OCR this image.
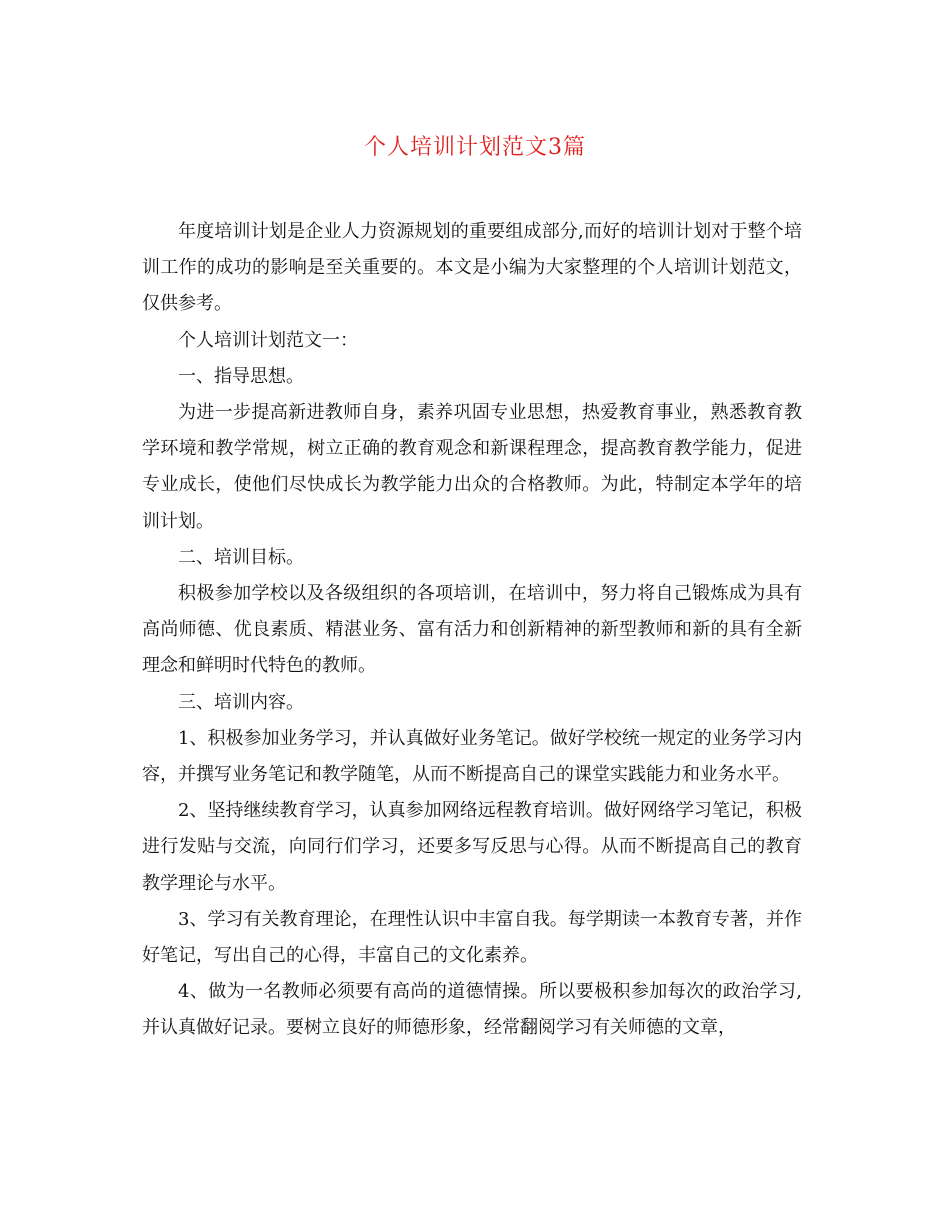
个人培训计划范文3篇

年度培训计划是企业人力资源规划的重要组成部分,而好的培训计划对于整个培训工作的成功的影响是至关重要的。本文是小编为大家整理的个人培训计划范文，仅供参考。

个人培训计划范文一：

一、指导思想。

为进一步提高新进教师自身，素养巩固专业思想，热爱教育事业，熟悉教育教学环境和教学常规，树立正确的教育观念和新课程理念，提高教育教学能力，促进专业成长，使他们尽快成长为教学能力出众的合格教师。为此，特制定本学年的培训计划。

二、培训目标。

积极参加学校以及各级组织的各项培训，在培训中，努力将自己锻炼成为具有高尚师德、优良素质、精湛业务、富有活力和创新精神的新型教师和新的具有全新理念和鲜明时代特色的教师。

三、培训内容。

1、积极参加业务学习，并认真做好业务笔记。做好学校统一规定的业务学习内容，并撰写业务笔记和教学随笔，从而不断提高自己的课堂实践能力和业务水平。

2、坚持继续教育学习，认真参加网络远程教育培训。做好网络学习笔记，积极进行发贴与交流，向同行们学习，还要多写反思与心得。从而不断提高自己的教育教学理论与水平。

3、学习有关教育理论，在理性认识中丰富自我。每学期读一本教育专著，并作好笔记，写出自己的心得，丰富自己的文化素养。

4、做为一名教师必须要有高尚的道德情操。所以要极积参加每次的政治学习,并认真做好记录。要树立良好的师德形象，经常翻阅学习有关师德的文章，
